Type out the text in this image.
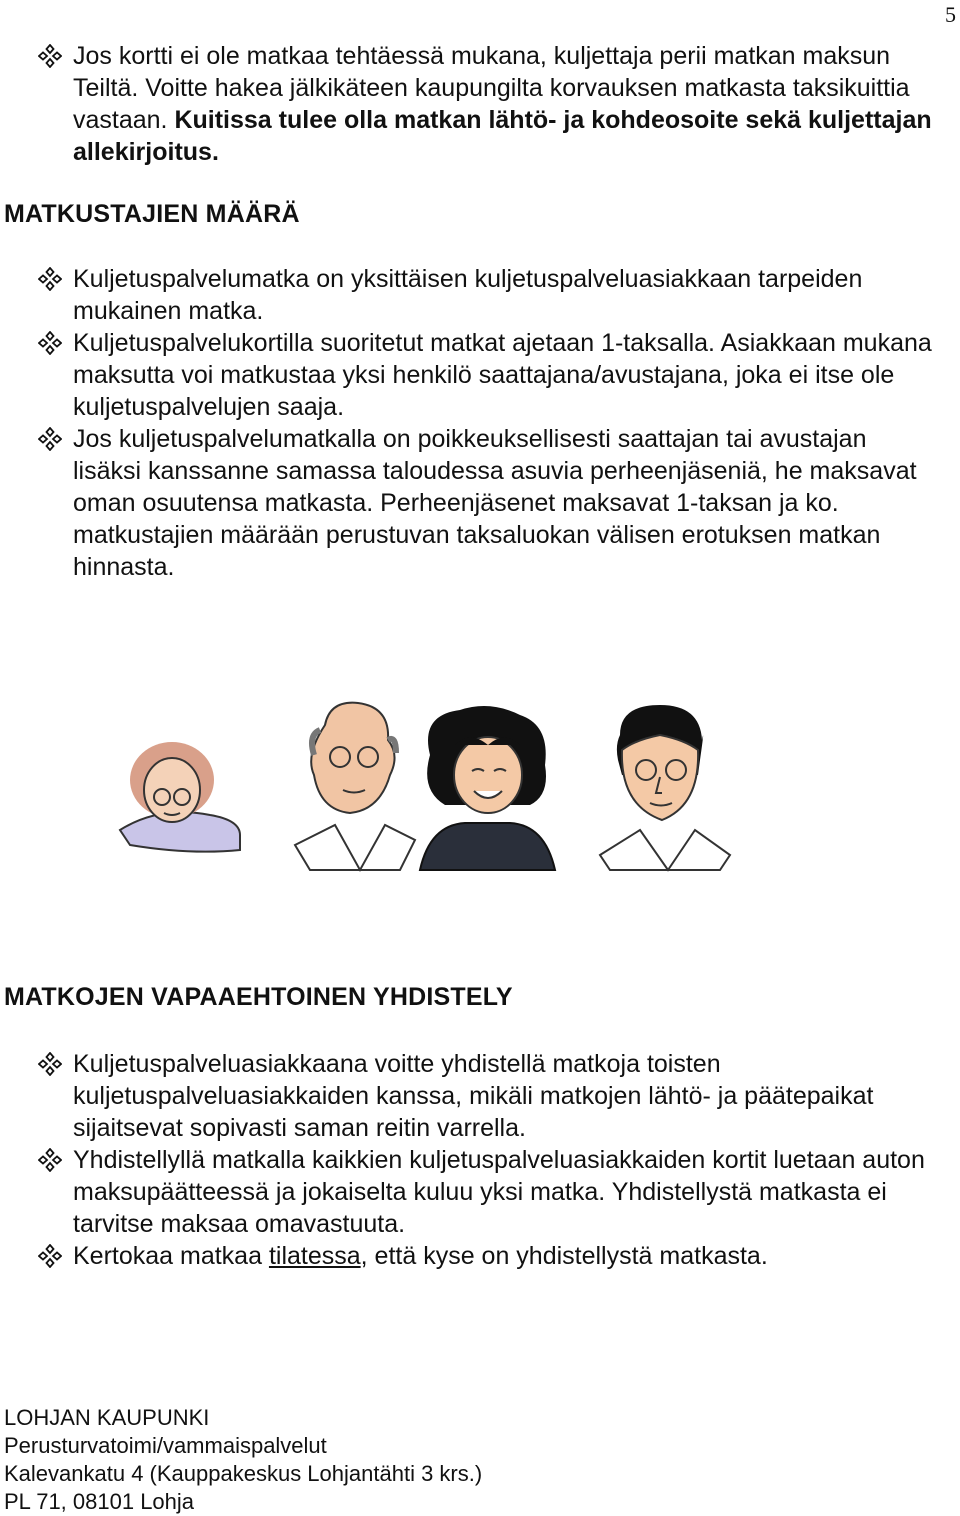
5
Jos kortti ei ole matkaa tehtäessä mukana, kuljettaja perii matkan maksun Teiltä. Voitte hakea jälkikäteen kaupungilta korvauksen matkasta taksikuittia vastaan. Kuitissa tulee olla matkan lähtö- ja kohdeosoite sekä kuljettajan allekirjoitus.
MATKUSTAJIEN MÄÄRÄ
Kuljetuspalvelumatka on yksittäisen kuljetuspalveluasiakkaan tarpeiden mukainen matka.
Kuljetuspalvelukortilla suoritetut matkat ajetaan 1-taksalla. Asiakkaan mukana maksutta voi matkustaa yksi henkilö saattajana/avustajana, joka ei itse ole kuljetuspalvelujen saaja.
Jos kuljetuspalvelumatkalla on poikkeuksellisesti saattajan tai avustajan lisäksi kanssanne samassa taloudessa asuvia perheenjäseniä, he maksavat oman osuutensa matkasta. Perheenjäsenet maksavat 1-taksan ja ko. matkustajien määrään perustuvan taksaluokan välisen erotuksen matkan hinnasta.
MATKOJEN VAPAAEHTOINEN YHDISTELY
Kuljetuspalveluasiakkaana voitte yhdistellä matkoja toisten kuljetuspalveluasiakkaiden kanssa, mikäli matkojen lähtö- ja päätepaikat sijaitsevat sopivasti saman reitin varrella.
Yhdistellyllä matkalla kaikkien kuljetuspalveluasiakkaiden kortit luetaan auton maksupäätteessä ja jokaiselta kuluu yksi matka. Yhdistellystä matkasta ei tarvitse maksaa omavastuuta.
Kertokaa matkaa tilatessa, että kyse on yhdistellystä matkasta.
LOHJAN KAUPUNKI
Perusturvatoimi/vammaispalvelut
Kalevankatu 4 (Kauppakeskus Lohjantähti 3 krs.)
PL 71, 08101 Lohja
